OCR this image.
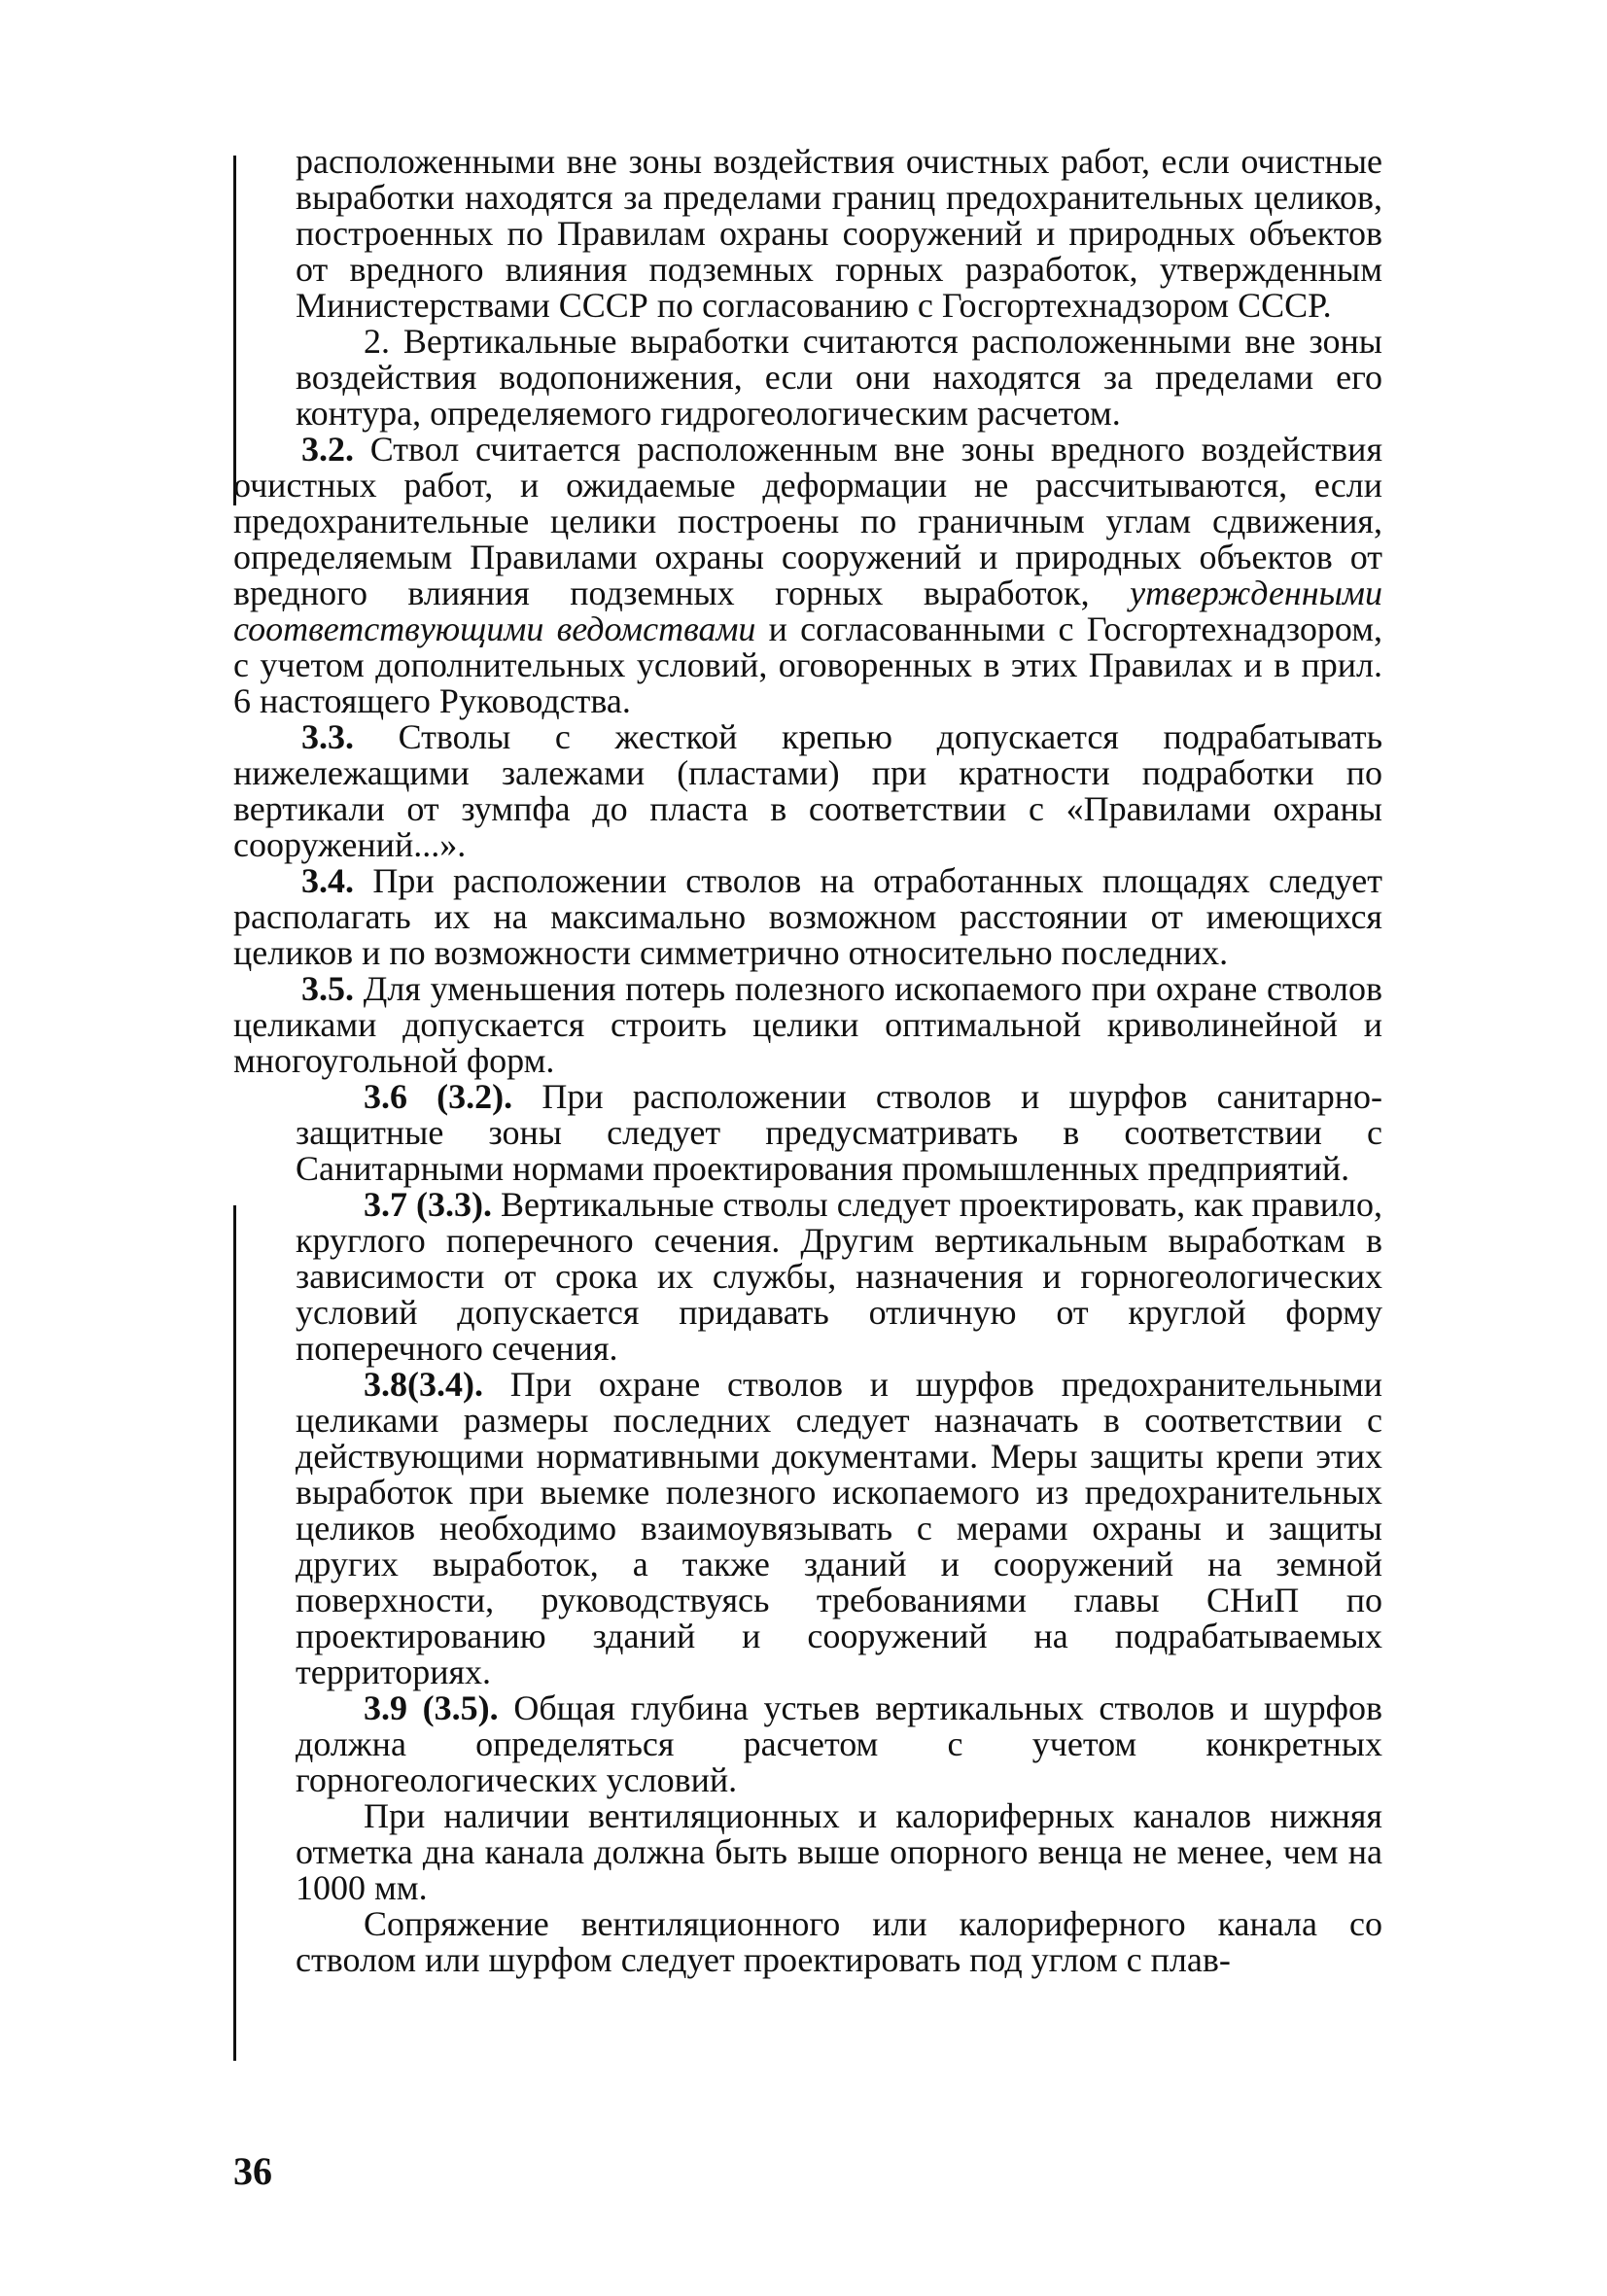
расположенными вне зоны воздействия очистных работ, если очистные выработки находятся за пределами границ предохранительных целиков, построенных по Правилам охраны сооружений и природных объектов от вредного влияния подземных горных разработок, утвержденным Министерствами СССР по согласованию с Госгортехнадзором СССР.

2. Вертикальные выработки считаются расположенными вне зоны воздействия водопонижения, если они находятся за пределами его контура, определяемого гидрогеологическим расчетом.

3.2. Ствол считается расположенным вне зоны вредного воздействия очистных работ, и ожидаемые деформации не рассчитываются, если предохранительные целики построены по граничным углам сдвижения, определяемым Правилами охраны сооружений и природных объектов от вредного влияния подземных горных выработок, утвержденными соответствующими ведомствами и согласованными с Госгортехнадзором, с учетом дополнительных условий, оговоренных в этих Правилах и в прил. 6 настоящего Руководства.

3.3. Стволы с жесткой крепью допускается подрабатывать нижележащими залежами (пластами) при кратности подработки по вертикали от зумпфа до пласта в соответствии с «Правилами охраны сооружений...».

3.4. При расположении стволов на отработанных площадях следует располагать их на максимально возможном расстоянии от имеющихся целиков и по возможности симметрично относительно последних.

3.5. Для уменьшения потерь полезного ископаемого при охране стволов целиками допускается строить целики оптимальной криволинейной и многоугольной форм.

3.6 (3.2). При расположении стволов и шурфов санитарно-защитные зоны следует предусматривать в соответствии с Санитарными нормами проектирования промышленных предприятий.

3.7 (3.3). Вертикальные стволы следует проектировать, как правило, круглого поперечного сечения. Другим вертикальным выработкам в зависимости от срока их службы, назначения и горногеологических условий допускается придавать отличную от круглой форму поперечного сечения.

3.8(3.4). При охране стволов и шурфов предохранительными целиками размеры последних следует назначать в соответствии с действующими нормативными документами. Меры защиты крепи этих выработок при выемке полезного ископаемого из предохранительных целиков необходимо взаимоувязывать с мерами охраны и защиты других выработок, а также зданий и сооружений на земной поверхности, руководствуясь требованиями главы СНиП по проектированию зданий и сооружений на подрабатываемых территориях.

3.9 (3.5). Общая глубина устьев вертикальных стволов и шурфов должна определяться расчетом с учетом конкретных горногеологических условий.

При наличии вентиляционных и калориферных каналов нижняя отметка дна канала должна быть выше опорного венца не менее, чем на 1000 мм.

Сопряжение вентиляционного или калориферного канала со стволом или шурфом следует проектировать под углом с плав-

36
